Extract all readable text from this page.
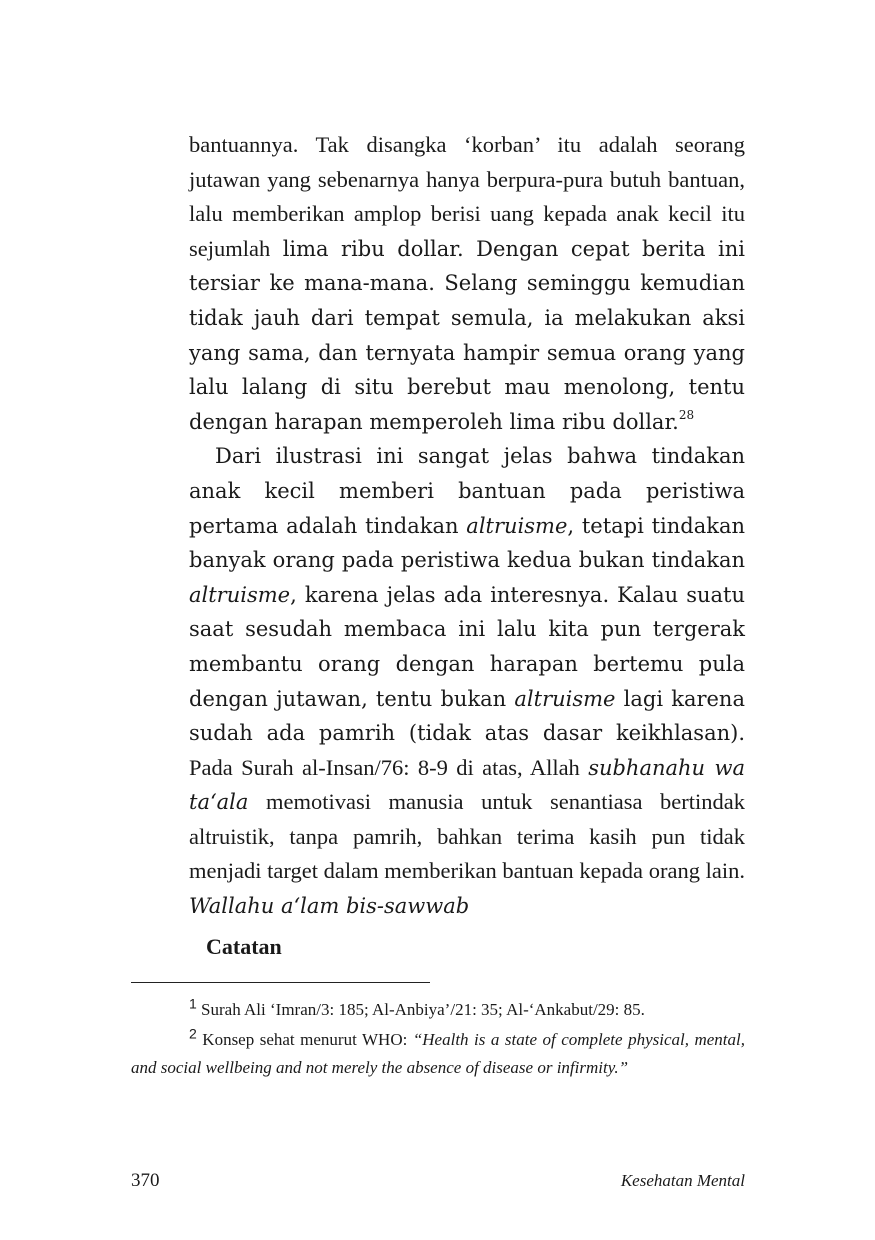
bantuannya. Tak disangka ‘korban’ itu adalah seorang jutawan yang sebenarnya hanya berpura-pura butuh bantuan, lalu memberikan amplop berisi uang kepada anak kecil itu sejumlah lima ribu dollar. Dengan cepat berita ini tersiar ke mana-mana. Selang seminggu kemudian tidak jauh dari tempat semula, ia melakukan aksi yang sama, dan ternyata hampir semua orang yang lalu lalang di situ berebut mau menolong, tentu dengan harapan memperoleh lima ribu dollar.$^{28}$

Dari ilustrasi ini sangat jelas bahwa tindakan anak kecil memberi bantuan pada peristiwa pertama adalah tindakan altruisme, tetapi tindakan banyak orang pada peristiwa kedua bukan tindakan altruisme, karena jelas ada interesnya. Kalau suatu saat sesudah membaca ini lalu kita pun tergerak membantu orang dengan harapan bertemu pula dengan jutawan, tentu bukan altruisme lagi karena sudah ada pamrih (tidak atas dasar keikhlasan). Pada Surah al-Insan/76: 8-9 di atas, Allah subhanahu wa ta‘ala memotivasi manusia untuk senantiasa bertindak altruistik, tanpa pamrih, bahkan terima kasih pun tidak menjadi target dalam memberikan bantuan kepada orang lain. Wallahu a‘lam bis-sawwab

Catatan

$^1$ Surah Ali ‘Imran/3: 185; Al-Anbiya’/21: 35; Al-‘Ankabut/29: 85.

$^2$ Konsep sehat menurut WHO: “Health is a state of complete physical, mental, and social wellbeing and not merely the absence of disease or infirmity.”

370	Kesehatan Mental
